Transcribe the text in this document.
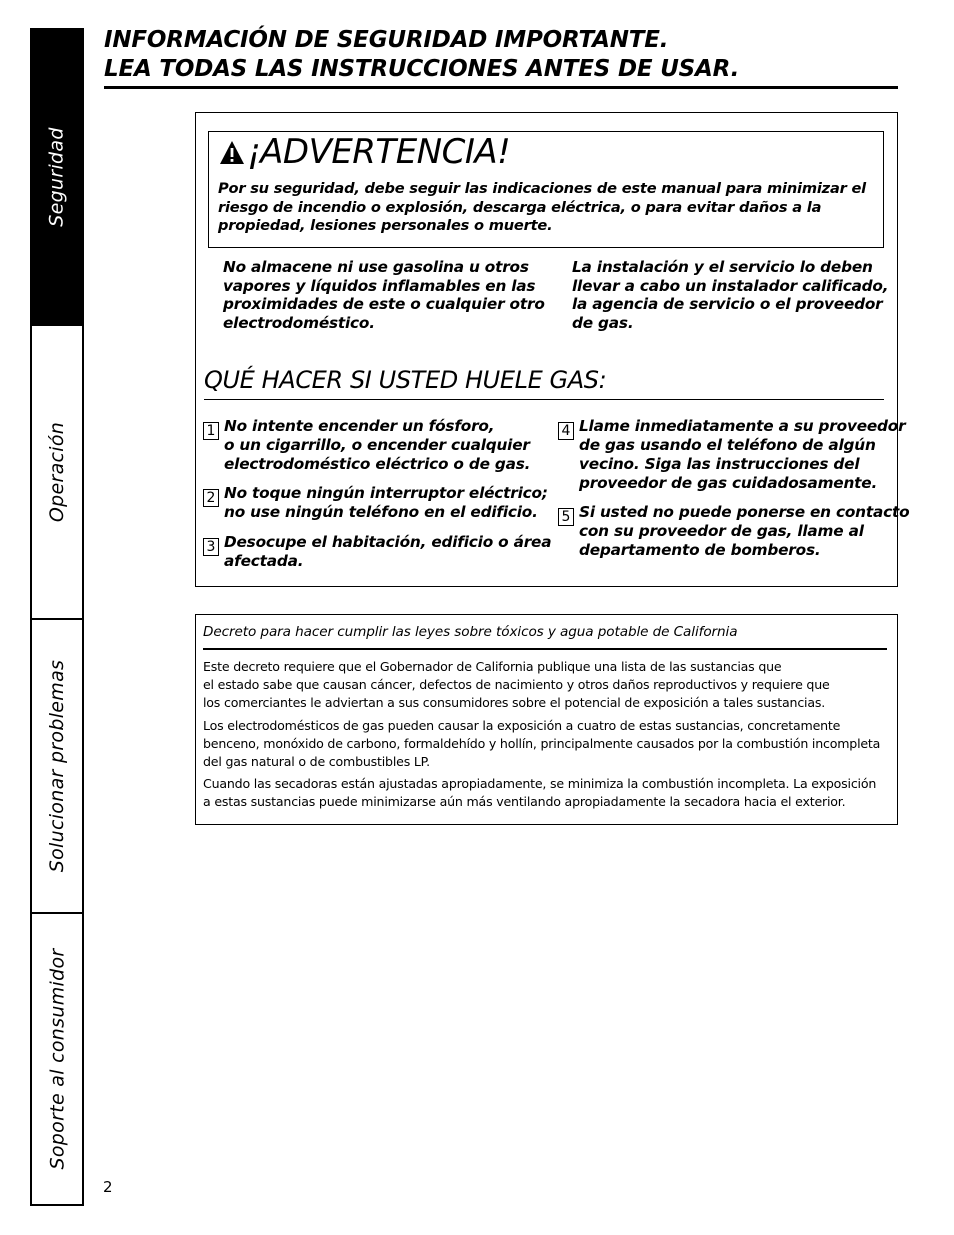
Seguridad
Operación
Solucionar problemas
Soporte al consumidor
INFORMACIÓN DE SEGURIDAD IMPORTANTE.
LEA TODAS LAS INSTRUCCIONES ANTES DE USAR.
¡ADVERTENCIA!
Por su seguridad, debe seguir las indicaciones de este manual para minimizar el riesgo de incendio o explosión, descarga eléctrica, o para evitar daños a la propiedad, lesiones personales o muerte.
No almacene ni use gasolina u otros
vapores y líquidos inflamables en las
proximidades de este o cualquier otro
electrodoméstico.
La instalación y el servicio lo deben
llevar a cabo un instalador calificado,
la agencia de servicio o el proveedor
de gas.
QUÉ HACER SI USTED HUELE GAS:
1 No intente encender un fósforo,
o un cigarrillo, o encender cualquier
electrodoméstico eléctrico o de gas.
2 No toque ningún interruptor eléctrico;
no use ningún teléfono en el edificio.
3 Desocupe el habitación, edificio o área
afectada.
4 Llame inmediatamente a su proveedor
de gas usando el teléfono de algún
vecino. Siga las instrucciones del
proveedor de gas cuidadosamente.
5 Si usted no puede ponerse en contacto
con su proveedor de gas, llame al
departamento de bomberos.
Decreto para hacer cumplir las leyes sobre tóxicos y agua potable de California
Este decreto requiere que el Gobernador de California publique una lista de las sustancias que
el estado sabe que causan cáncer, defectos de nacimiento y otros daños reproductivos y requiere que
los comerciantes le adviertan a sus consumidores sobre el potencial de exposición a tales sustancias.
Los electrodomésticos de gas pueden causar la exposición a cuatro de estas sustancias, concretamente
benceno, monóxido de carbono, formaldehído y hollín, principalmente causados por la combustión incompleta
del gas natural o de combustibles LP.
Cuando las secadoras están ajustadas apropiadamente, se minimiza la combustión incompleta. La exposición
a estas sustancias puede minimizarse aún más ventilando apropiadamente la secadora hacia el exterior.
2
